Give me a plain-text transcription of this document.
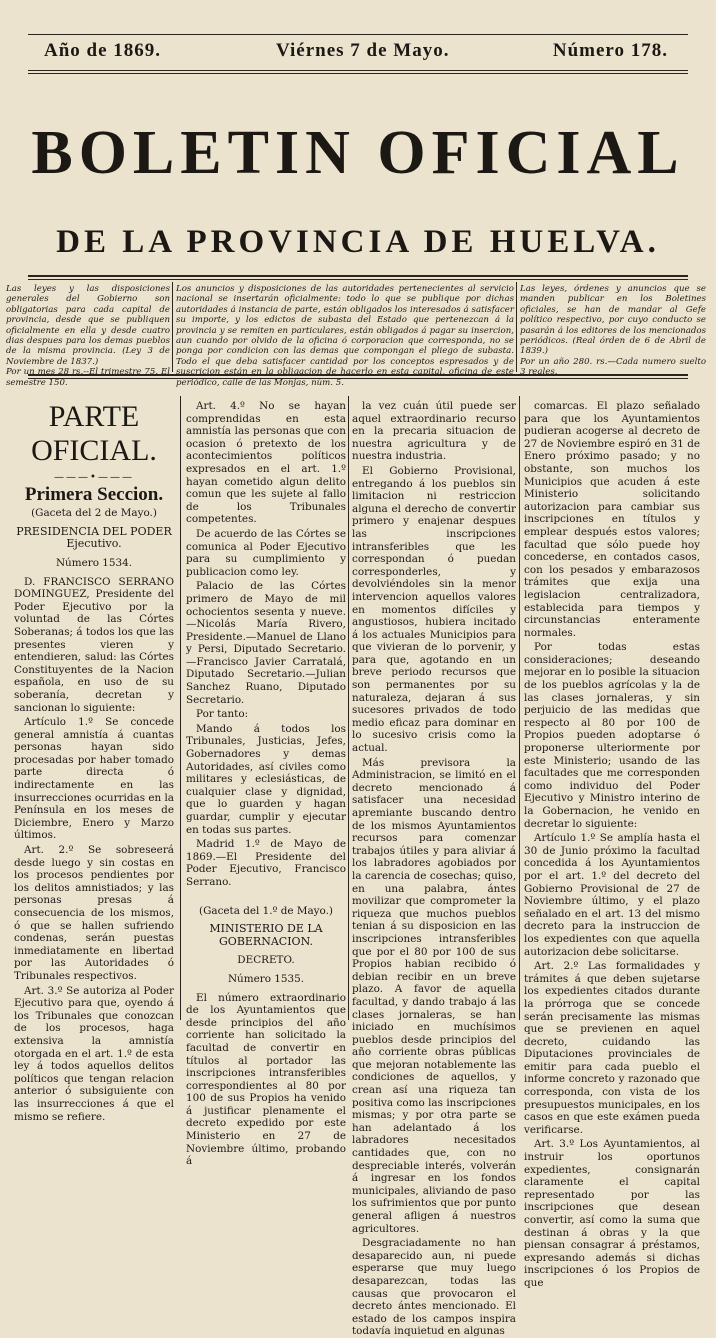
Año de 1869.	Viérnes 7 de Mayo.	Número 178.
BOLETIN OFICIAL
DE LA PROVINCIA DE HUELVA.
Las leyes y las disposiciones generales del Gobierno son obligatorias para cada capital de provincia, desde que se publiquen oficialmente en ella y desde cuatro dias despues para los demas pueblos de la misma provincia. (Ley 3 de Noviembre de 1837.)
Por un mes 28 rs.--El trimestre 75. El semestre 150.
Los anuncios y disposiciones de las autoridades pertenecientes al servicio nacional se insertarán oficialmente: todo lo que se publique por dichas autoridades á instancia de parte, están obligados los interesados á satisfacer su importe, y los edictos de subasta del Estado que pertenezcan á la provincia y se remiten en particulares, están obligados á pagar su insercion, aun cuando por olvido de la oficina ó corporacion que corresponda, no se ponga por condicion con las demas que compongan el pliego de subasta. Todo el que deba satisfacer cantidad por los conceptos espresados y de suscricion están en la obligacion de hacerlo en esta capital, oficina de este periódico, calle de las Monjas, núm. 5.
Las leyes, órdenes y anuncios que se manden publicar en los Boletines oficiales, se han de mandar al Gefe político respectivo, por cuyo conducto se pasarán á los editores de los mencionados periódicos. (Real órden de 6 de Abril de 1839.)
Por un año 280. rs.—Cada numero suelto 3 reales.
PARTE OFICIAL.
———•———
Primera Seccion.
(Gaceta del 2 de Mayo.)
PRESIDENCIA DEL PODER Ejecutivo.
Número 1534.

D. FRANCISCO SERRANO DOMINGUEZ, Presidente del Poder Ejecutivo por la voluntad de las Córtes Soberanas; á todos los que las presentes vieren y entendieren, salud: las Córtes Constituyentes de la Nacion española, en uso de su soberanía, decretan y sancionan lo siguiente:

Artículo 1.º Se concede general amnistía á cuantas personas hayan sido procesadas por haber tomado parte directa ó indirectamente en las insurrecciones ocurridas en la Península en los meses de Diciembre, Enero y Marzo últimos.

Art. 2.º Se sobreseerá desde luego y sin costas en los procesos pendientes por los delitos amnistiados; y las personas presas á consecuencia de los mismos, ó que se hallen sufriendo condenas, serán puestas inmediatamente en libertad por las Autoridades ó Tribunales respectivos.

Art. 3.º Se autoriza al Poder Ejecutivo para que, oyendo á los Tribunales que conozcan de los procesos, haga extensiva la amnistía otorgada en el art. 1.º de esta ley á todos aquellos delitos políticos que tengan relacion anterior ó subsiguiente con las insurrecciones á que el mismo se refiere.

Art. 4.º No se hayan comprendidas en esta amnistía las personas que con ocasion ó pretexto de los acontecimientos políticos expresados en el art. 1.º hayan cometido algun delito comun que les sujete al fallo de los Tribunales competentes.

De acuerdo de las Córtes se comunica al Poder Ejecutivo para su cumplimiento y publicacion como ley.

Palacio de las Córtes primero de Mayo de mil ochocientos sesenta y nueve.—Nicolás María Rivero, Presidente.—Manuel de Llano y Persi, Diputado Secretario.—Francisco Javier Carratalá, Diputado Secretario.—Julian Sanchez Ruano, Diputado Secretario.

Por tanto:

Mando á todos los Tribunales, Justicias, Jefes, Gobernadores y demas Autoridades, así civiles como militares y eclesiásticas, de cualquier clase y dignidad, que lo guarden y hagan guardar, cumplir y ejecutar en todas sus partes.

Madrid 1.º de Mayo de 1869.—El Presidente del Poder Ejecutivo, Francisco Serrano.

(Gaceta del 1.º de Mayo.)
MINISTERIO DE LA GOBERNACION.
DECRETO.
Número 1535.

El número extraordinario de los Ayuntamientos que desde principios del año corriente han solicitado la facultad de convertir en títulos al portador las inscripciones intransferibles correspondientes al 80 por 100 de sus Propios ha venido á justificar plenamente el decreto expedido por este Ministerio en 27 de Noviembre último, probando á

la vez cuán útil puede ser aquel extraordinario recurso en la precaria situacion de nuestra agricultura y de nuestra industria.

El Gobierno Provisional, entregando á los pueblos sin limitacion ni restriccion alguna el derecho de convertir primero y enajenar despues las inscripciones intransferibles que les correspondan ó puedan corresponderles, y devolviéndoles sin la menor intervencion aquellos valores en momentos difíciles y angustiosos, hubiera incitado á los actuales Municipios para que vivieran de lo porvenir, y para que, agotando en un breve periodo recursos que son permanentes por su naturaleza, dejaran á sus sucesores privados de todo medio eficaz para dominar en lo sucesivo crisis como la actual.

Más previsora la Administracion, se limitó en el decreto mencionado á satisfacer una necesidad apremiante buscando dentro de los mismos Ayuntamientos recursos para comenzar trabajos útiles y para aliviar á los labradores agobiados por la carencia de cosechas; quiso, en una palabra, ántes movilizar que comprometer la riqueza que muchos pueblos tenian á su disposicion en las inscripciones intransferibles que por el 80 por 100 de sus Propios habian recibido ó debian recibir en un breve plazo. A favor de aquella facultad, y dando trabajo á las clases jornaleras, se han iniciado en muchísimos pueblos desde principios del año corriente obras públicas que mejoran notablemente las condiciones de aquellos, y crean así una riqueza tan positiva como las inscripciones mismas; y por otra parte se han adelantado á los labradores necesitados cantidades que, con no despreciable interés, volverán á ingresar en los fondos municipales, aliviando de paso los sufrimientos que por punto general afligen á nuestros agricultores.

Desgraciadamente no han desaparecido aun, ni puede esperarse que muy luego desaparezcan, todas las causas que provocaron el decreto ántes mencionado. El estado de los campos inspira todavía inquietud en algunas

comarcas. El plazo señalado para que los Ayuntamientos pudieran acogerse al decreto de 27 de Noviembre espiró en 31 de Enero próximo pasado; y no obstante, son muchos los Municipios que acuden á este Ministerio solicitando autorizacion para cambiar sus inscripciones en títulos y emplear después estos valores; facultad que sólo puede hoy concederse, en contados casos, con los pesados y embarazosos trámites que exija una legislacion centralizadora, establecida para tiempos y circunstancias enteramente normales.

Por todas estas consideraciones; deseando mejorar en lo posible la situacion de los pueblos agrícolas y la de las clases jornaleras, y sin perjuicio de las medidas que respecto al 80 por 100 de Propios pueden adoptarse ó proponerse ulteriormente por este Ministerio; usando de las facultades que me corresponden como individuo del Poder Ejecutivo y Ministro interino de la Gobernacion, he venido en decretar lo siguiente:

Artículo 1.º Se amplía hasta el 30 de Junio próximo la facultad concedida á los Ayuntamientos por el art. 1.º del decreto del Gobierno Provisional de 27 de Noviembre último, y el plazo señalado en el art. 13 del mismo decreto para la instruccion de los expedientes con que aquella autorizacion debe solicitarse.

Art. 2.º Las formalidades y trámites á que deben sujetarse los expedientes citados durante la prórroga que se concede serán precisamente las mismas que se previenen en aquel decreto, cuidando las Diputaciones provinciales de emitir para cada pueblo el informe concreto y razonado que corresponda, con vista de los presupuestos municipales, en los casos en que este exámen pueda verificarse.

Art. 3.º Los Ayuntamientos, al instruir los oportunos expedientes, consignarán claramente el capital representado por las inscripciones que desean convertir, así como la suma que destinan á obras y la que piensan consagrar á préstamos, expresando además si dichas inscripciones ó los Propios de que
